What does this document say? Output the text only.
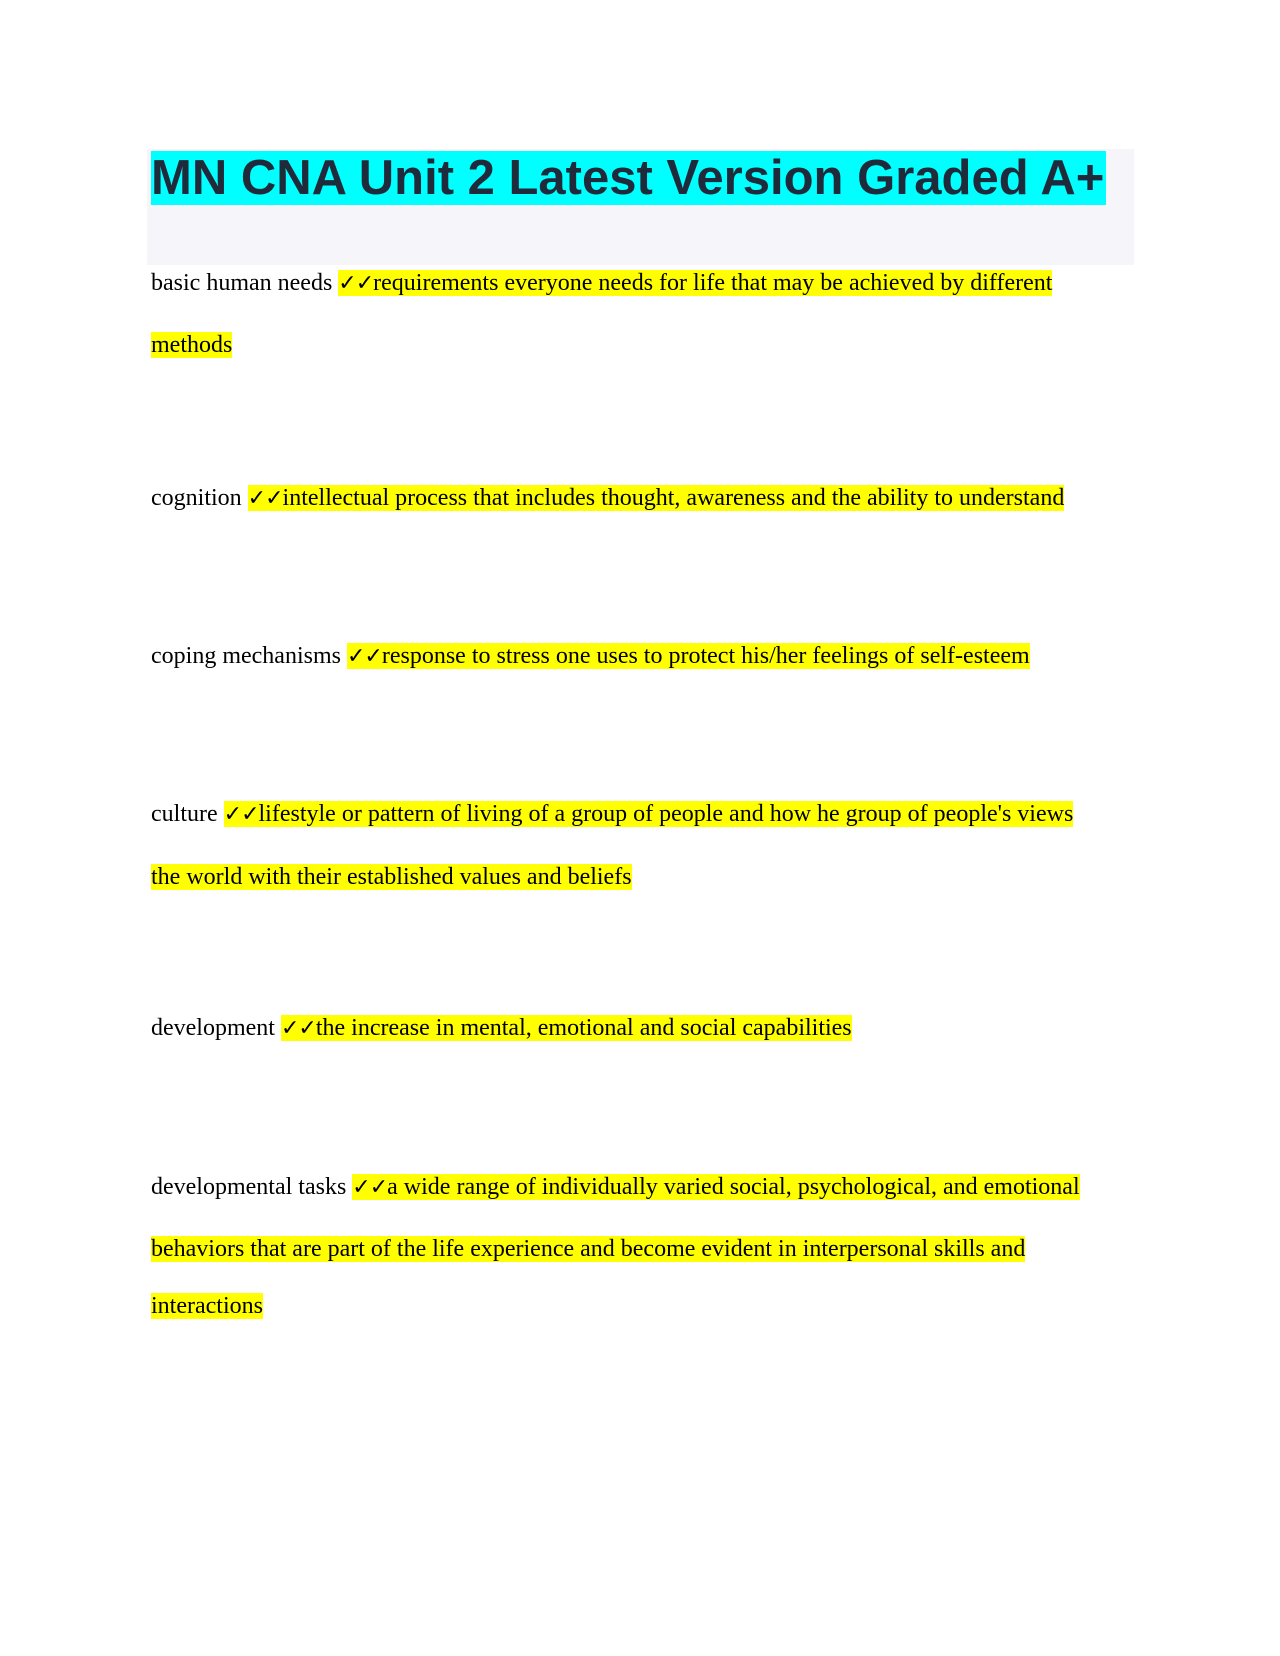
MN CNA Unit 2 Latest Version Graded A+
basic human needs ✓✓requirements everyone needs for life that may be achieved by different
methods
cognition ✓✓intellectual process that includes thought, awareness and the ability to understand
coping mechanisms ✓✓response to stress one uses to protect his/her feelings of self-esteem
culture ✓✓lifestyle or pattern of living of a group of people and how he group of people's views
the world with their established values and beliefs
development ✓✓the increase in mental, emotional and social capabilities
developmental tasks ✓✓a wide range of individually varied social, psychological, and emotional
behaviors that are part of the life experience and become evident in interpersonal skills and
interactions
